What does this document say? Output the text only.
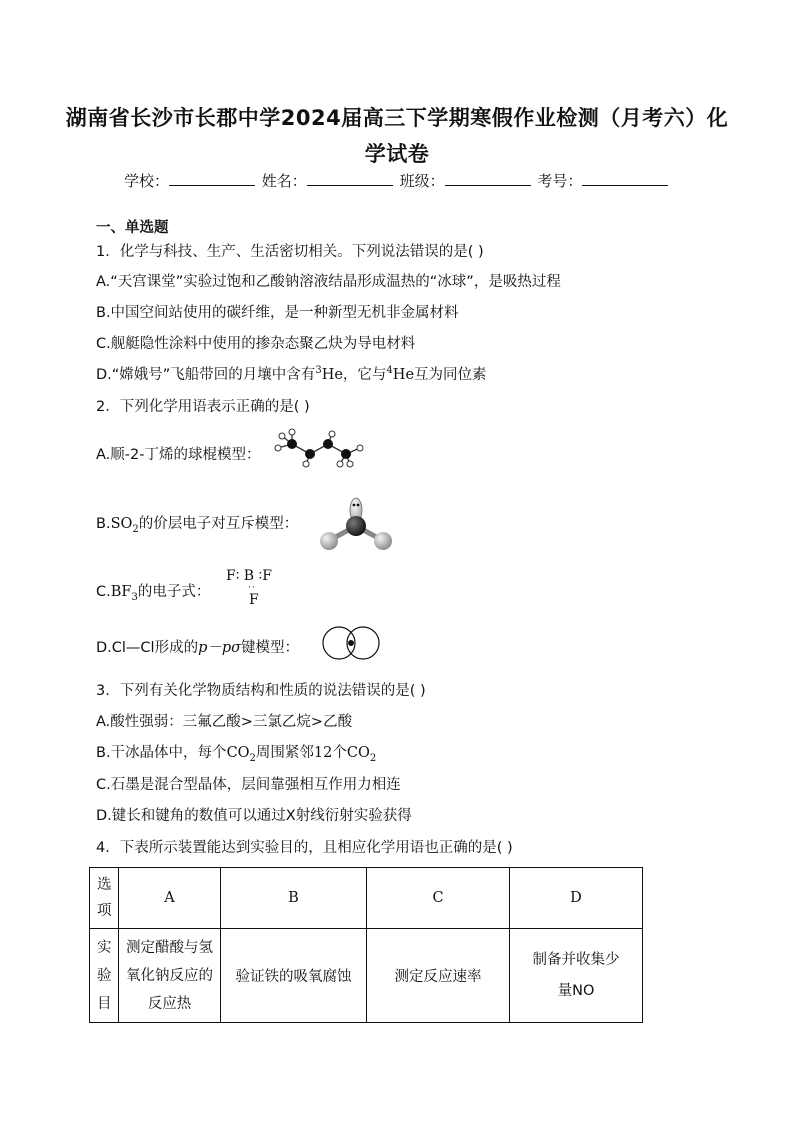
湖南省长沙市长郡中学2024届高三下学期寒假作业检测（月考六）化
学试卷
学校：	姓名：	班级：	考号：
一、单选题
1．化学与科技、生产、生活密切相关。下列说法错误的是( )
A.“天宫课堂”实验过饱和乙酸钠溶液结晶形成温热的“冰球”，是吸热过程
B.中国空间站使用的碳纤维，是一种新型无机非金属材料
C.舰艇隐性涂料中使用的掺杂态聚乙炔为导电材料
D.“嫦娥号”飞船带回的月壤中含有$^3$He，它与$^4$He互为同位素
2．下列化学用语表示正确的是( )
A.顺-2-丁烯的球棍模型：
$B.SO_2$的价层电子对互斥模型：
$C.BF_3$的电子式：
F∶ B ∶F
··
F
D.Cl—Cl形成的p－pσ键模型：
3．下列有关化学物质结构和性质的说法错误的是( )
A.酸性强弱：三氟乙酸>三氯乙烷>乙酸
B.干冰晶体中，每个$CO_2$周围紧邻12个$CO_2$
C.石墨是混合型晶体，层间靠强相互作用力相连
D.键长和键角的数值可以通过X射线衍射实验获得
4．下表所示装置能达到实验目的，且相应化学用语也正确的是( )
选项	A	B	C	D

实验目	测定醋酸与氢氧化钠反应的反应热	验证铁的吸氧腐蚀	测定反应速率	制备并收集少量NO
